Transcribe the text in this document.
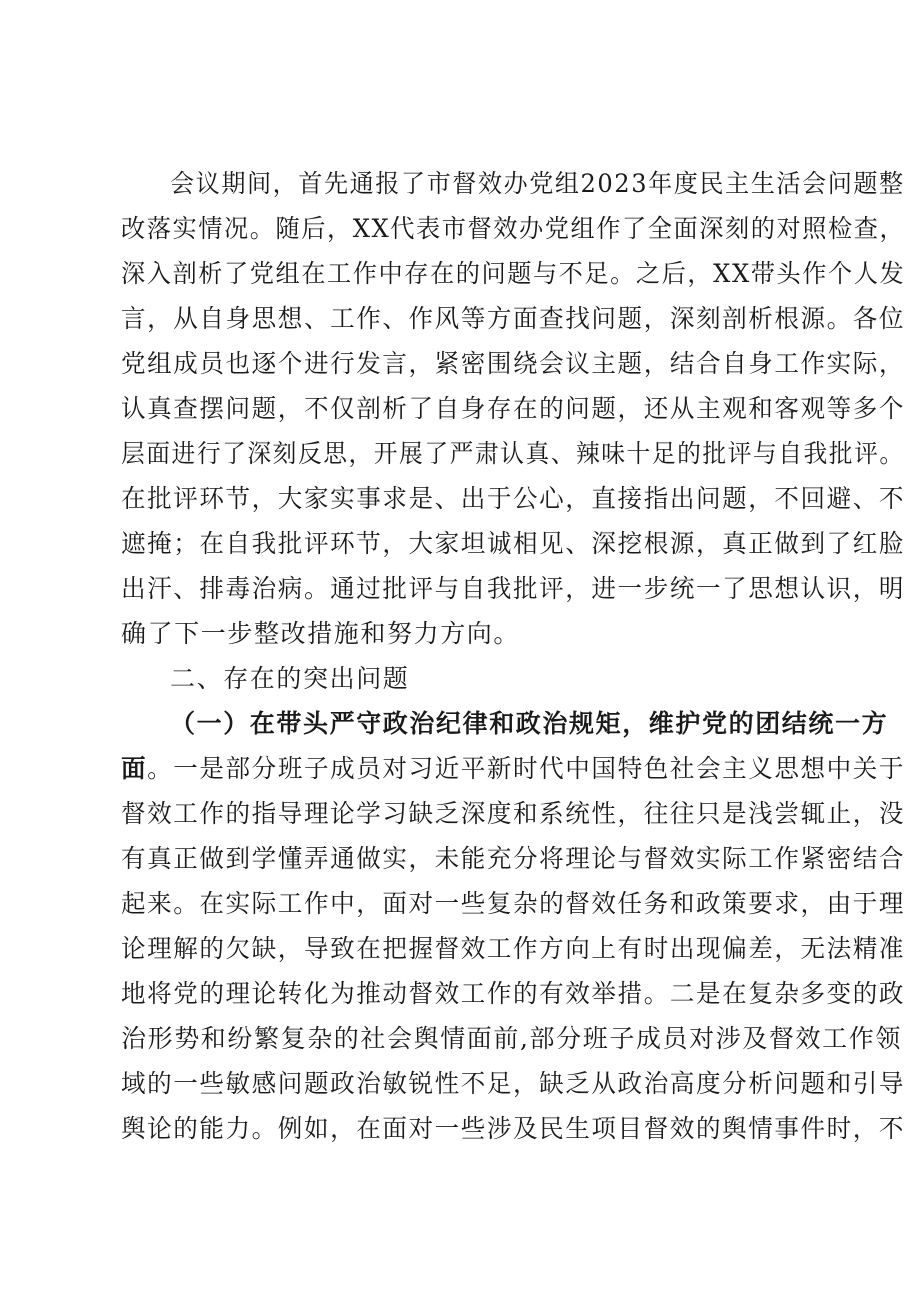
会议期间，首先通报了市督效办党组2023年度民主生活会问题整
改落实情况。随后，XX代表市督效办党组作了全面深刻的对照检查，
深入剖析了党组在工作中存在的问题与不足。之后，XX带头作个人发
言，从自身思想、工作、作风等方面查找问题，深刻剖析根源。各位
党组成员也逐个进行发言，紧密围绕会议主题，结合自身工作实际，
认真查摆问题，不仅剖析了自身存在的问题，还从主观和客观等多个
层面进行了深刻反思，开展了严肃认真、辣味十足的批评与自我批评。
在批评环节，大家实事求是、出于公心，直接指出问题，不回避、不
遮掩；在自我批评环节，大家坦诚相见、深挖根源，真正做到了红脸
出汗、排毒治病。通过批评与自我批评，进一步统一了思想认识，明
确了下一步整改措施和努力方向。
二、存在的突出问题
（一）在带头严守政治纪律和政治规矩，维护党的团结统一方
面。一是部分班子成员对习近平新时代中国特色社会主义思想中关于
督效工作的指导理论学习缺乏深度和系统性，往往只是浅尝辄止，没
有真正做到学懂弄通做实，未能充分将理论与督效实际工作紧密结合
起来。在实际工作中，面对一些复杂的督效任务和政策要求，由于理
论理解的欠缺，导致在把握督效工作方向上有时出现偏差，无法精准
地将党的理论转化为推动督效工作的有效举措。二是在复杂多变的政
治形势和纷繁复杂的社会舆情面前,部分班子成员对涉及督效工作领
域的一些敏感问题政治敏锐性不足，缺乏从政治高度分析问题和引导
舆论的能力。例如，在面对一些涉及民生项目督效的舆情事件时，不
